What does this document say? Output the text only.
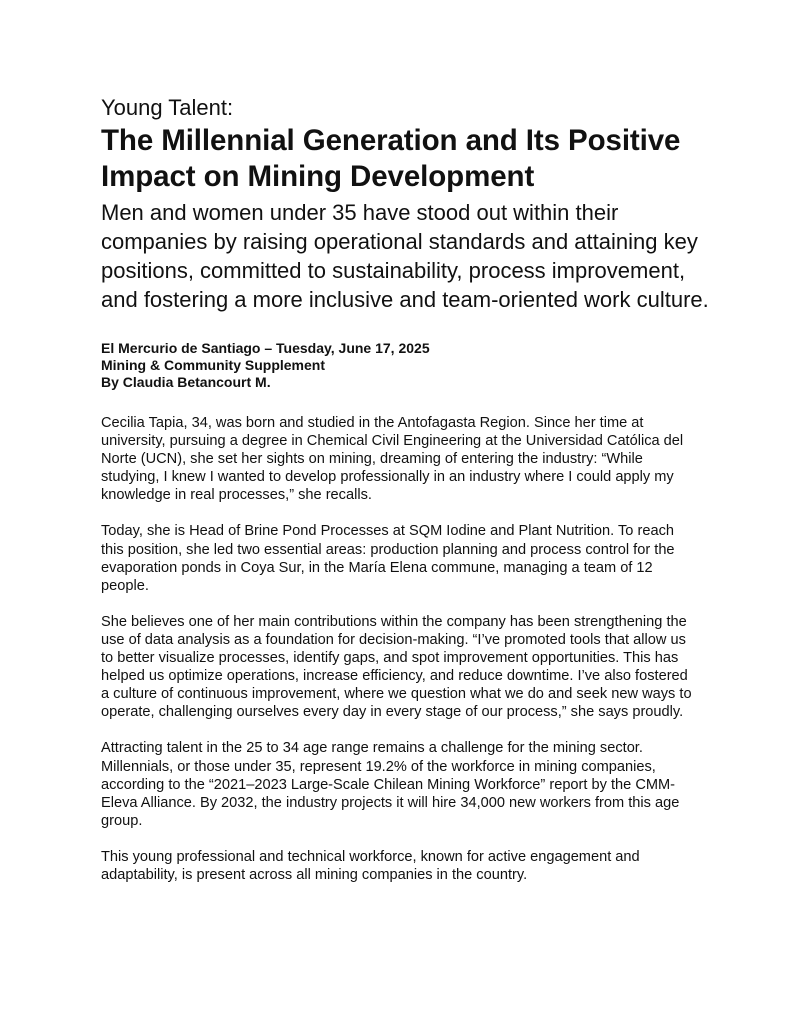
Young Talent:
The Millennial Generation and Its Positive Impact on Mining Development
Men and women under 35 have stood out within their companies by raising operational standards and attaining key positions, committed to sustainability, process improvement, and fostering a more inclusive and team-oriented work culture.
El Mercurio de Santiago – Tuesday, June 17, 2025
Mining & Community Supplement
By Claudia Betancourt M.

Cecilia Tapia, 34, was born and studied in the Antofagasta Region. Since her time at university, pursuing a degree in Chemical Civil Engineering at the Universidad Católica del Norte (UCN), she set her sights on mining, dreaming of entering the industry: “While studying, I knew I wanted to develop professionally in an industry where I could apply my knowledge in real processes,” she recalls.

Today, she is Head of Brine Pond Processes at SQM Iodine and Plant Nutrition. To reach this position, she led two essential areas: production planning and process control for the evaporation ponds in Coya Sur, in the María Elena commune, managing a team of 12 people.

She believes one of her main contributions within the company has been strengthening the use of data analysis as a foundation for decision-making. “I’ve promoted tools that allow us to better visualize processes, identify gaps, and spot improvement opportunities. This has helped us optimize operations, increase efficiency, and reduce downtime. I’ve also fostered a culture of continuous improvement, where we question what we do and seek new ways to operate, challenging ourselves every day in every stage of our process,” she says proudly.

Attracting talent in the 25 to 34 age range remains a challenge for the mining sector. Millennials, or those under 35, represent 19.2% of the workforce in mining companies, according to the “2021–2023 Large-Scale Chilean Mining Workforce” report by the CMM-Eleva Alliance. By 2032, the industry projects it will hire 34,000 new workers from this age group.

This young professional and technical workforce, known for active engagement and adaptability, is present across all mining companies in the country.
